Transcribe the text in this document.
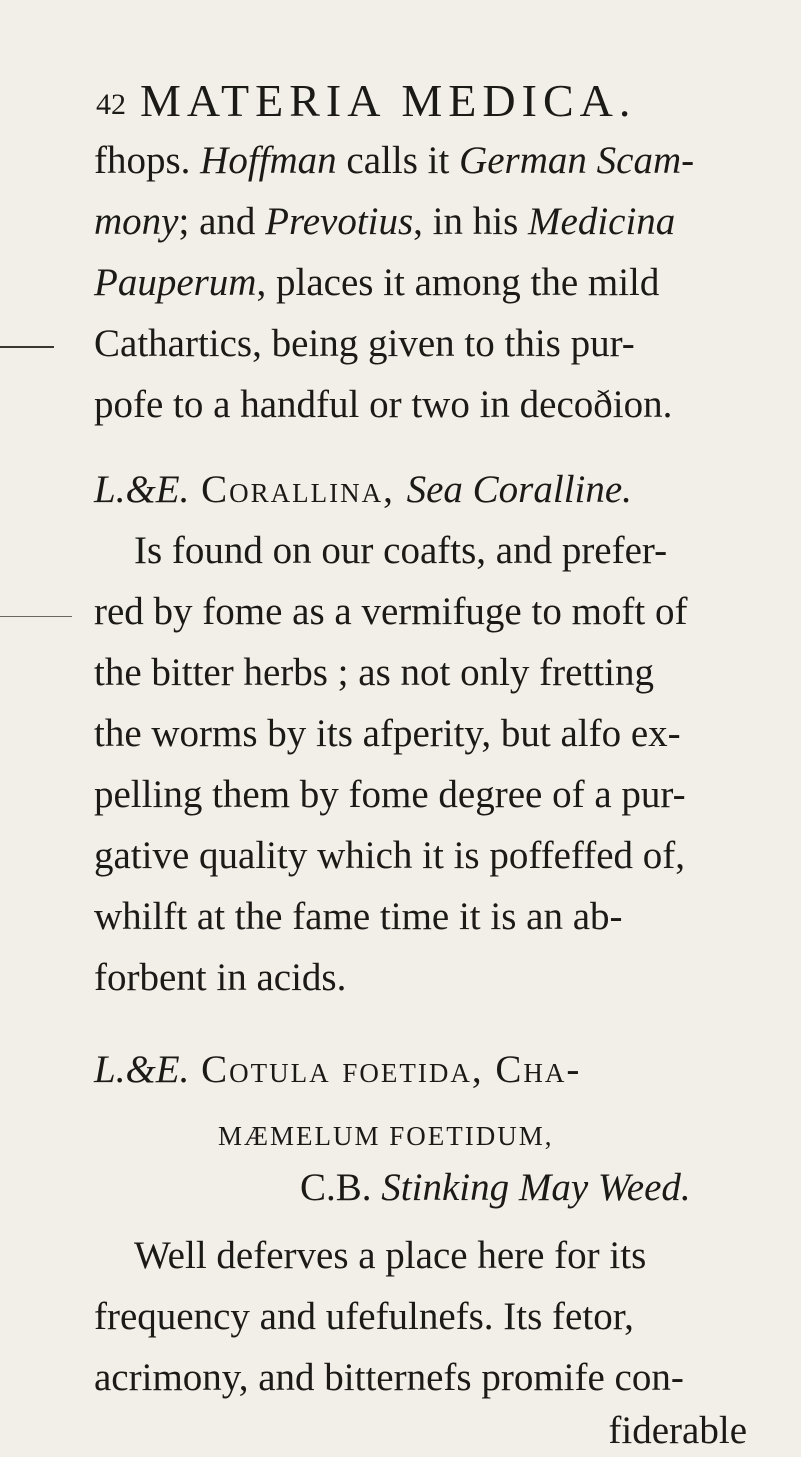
42 MATERIA MEDICA.
fhops. Hoffman calls it German Scam-
mony; and Prevotius, in his Medicina
Pauperum, places it among the mild
Cathartics, being given to this pur-
pofe to a handful or two in decoðion.
L.&E. Corallina, Sea Coralline.
Is found on our coafts, and prefer-
red by fome as a vermifuge to moft of
the bitter herbs ; as not only fretting
the worms by its afperity, but alfo ex-
pelling them by fome degree of a pur-
gative quality which it is poffeffed of,
whilft at the fame time it is an ab-
forbent in acids.
L.&E. Cotula foetida, Cha-
MÆMELUM FOETIDUM,
C.B. Stinking May Weed.
Well deferves a place here for its
frequency and ufefulnefs. Its fetor,
acrimony, and bitternefs promife con-
fiderable
